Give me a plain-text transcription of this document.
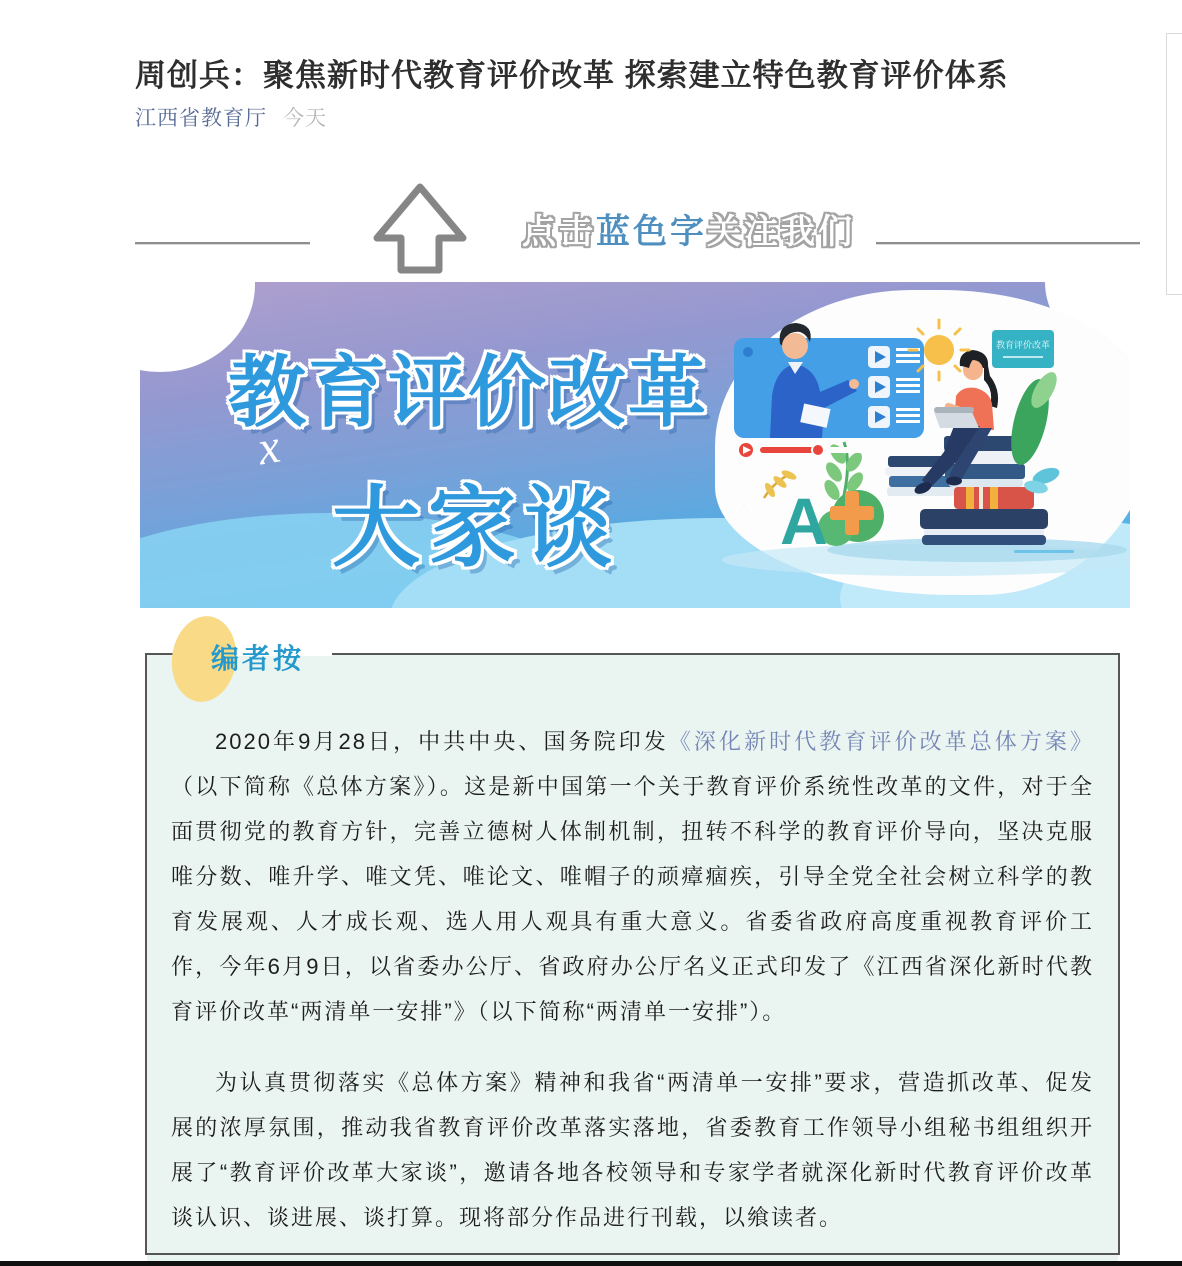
周创兵：聚焦新时代教育评价改革 探索建立特色教育评价体系
江西省教育厅 今天
点击蓝色字关注我们
A
教育评价改革
教育评价改革
x
大家谈
编者按

2020年9月28日，中共中央、国务院印发《深化新时代教育评价改革总体方案》（以下简称《总体方案》）。这是新中国第一个关于教育评价系统性改革的文件，对于全面贯彻党的教育方针，完善立德树人体制机制，扭转不科学的教育评价导向，坚决克服唯分数、唯升学、唯文凭、唯论文、唯帽子的顽瘴痼疾，引导全党全社会树立科学的教育发展观、人才成长观、选人用人观具有重大意义。省委省政府高度重视教育评价工作，今年6月9日，以省委办公厅、省政府办公厅名义正式印发了《江西省深化新时代教育评价改革“两清单一安排”》（以下简称“两清单一安排”）。

为认真贯彻落实《总体方案》精神和我省“两清单一安排”要求，营造抓改革、促发展的浓厚氛围，推动我省教育评价改革落实落地，省委教育工作领导小组秘书组组织开展了“教育评价改革大家谈”，邀请各地各校领导和专家学者就深化新时代教育评价改革谈认识、谈进展、谈打算。现将部分作品进行刊载，以飨读者。
